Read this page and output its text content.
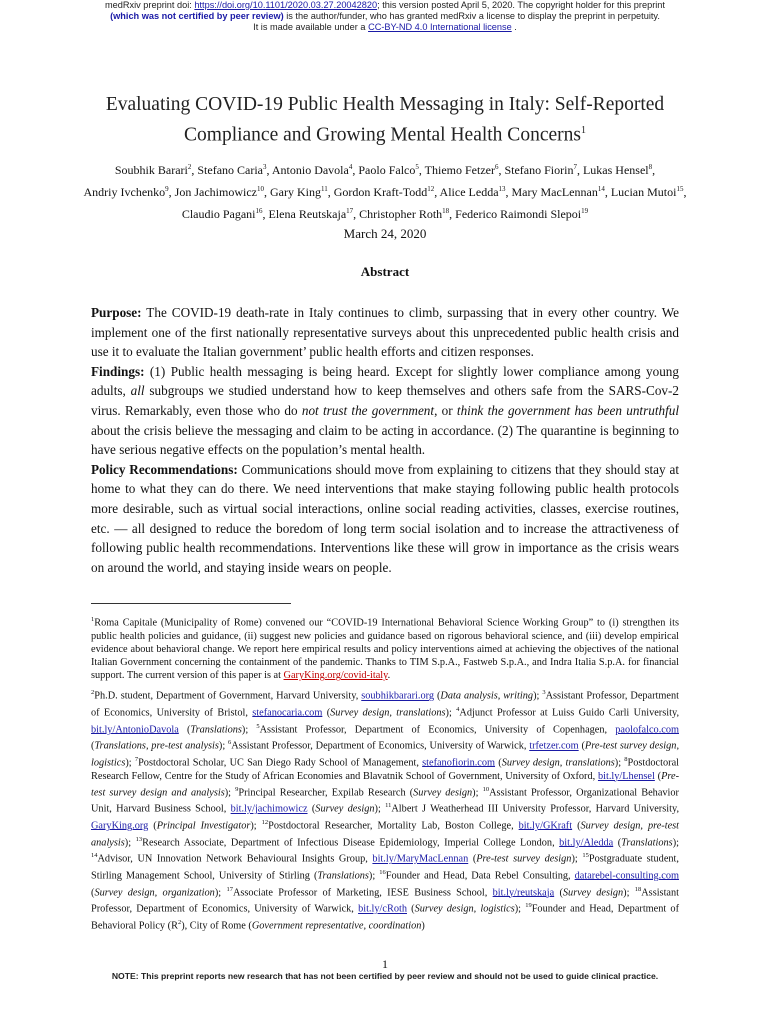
medRxiv preprint doi: https://doi.org/10.1101/2020.03.27.20042820; this version posted April 5, 2020. The copyright holder for this preprint
(which was not certified by peer review) is the author/funder, who has granted medRxiv a license to display the preprint in perpetuity.
It is made available under a CC-BY-ND 4.0 International license .
Evaluating COVID-19 Public Health Messaging in Italy: Self-Reported
Compliance and Growing Mental Health Concerns$^1$
Soubhik Barari$^2$, Stefano Caria$^3$, Antonio Davola$^4$, Paolo Falco$^5$, Thiemo Fetzer$^6$, Stefano Fiorin$^7$, Lukas Hensel$^8$,
Andriy Ivchenko$^9$, Jon Jachimowicz$^{10}$, Gary King$^{11}$, Gordon Kraft-Todd$^{12}$, Alice Ledda$^{13}$, Mary MacLennan$^{14}$, Lucian Mutoi$^{15}$,
Claudio Pagani$^{16}$, Elena Reutskaja$^{17}$, Christopher Roth$^{18}$, Federico Raimondi Slepoi$^{19}$
March 24, 2020
Abstract

Purpose: The COVID-19 death-rate in Italy continues to climb, surpassing that in every other country. We implement one of the first nationally representative surveys about this unprecedented public health crisis and use it to evaluate the Italian government’ public health efforts and citizen responses.

Findings: (1) Public health messaging is being heard. Except for slightly lower compliance among young adults, all subgroups we studied understand how to keep themselves and others safe from the SARS-Cov-2 virus. Remarkably, even those who do not trust the government, or think the government has been untruthful about the crisis believe the messaging and claim to be acting in accordance. (2) The quarantine is beginning to have serious negative effects on the population’s mental health.

Policy Recommendations: Communications should move from explaining to citizens that they should stay at home to what they can do there. We need interventions that make staying following public health protocols more desirable, such as virtual social interactions, online social reading activities, classes, exercise routines, etc. — all designed to reduce the boredom of long term social isolation and to increase the attractiveness of following public health recommendations. Interventions like these will grow in importance as the crisis wears on around the world, and staying inside wears on people.

$^1$Roma Capitale (Municipality of Rome) convened our “COVID-19 International Behavioral Science Working Group” to (i) strengthen its public health policies and guidance, (ii) suggest new policies and guidance based on rigorous behavioral science, and (iii) develop empirical evidence about behavioral change. We report here empirical results and policy interventions aimed at achieving the objectives of the national Italian Government concerning the containment of the pandemic. Thanks to TIM S.p.A., Fastweb S.p.A., and Indra Italia S.p.A. for financial support. The current version of this paper is at GaryKing.org/covid-italy.

$^2$Ph.D. student, Department of Government, Harvard University, soubhikbarari.org (Data analysis, writing); $^3$Assistant Professor, Department of Economics, University of Bristol, stefanocaria.com (Survey design, translations); $^4$Adjunct Professor at Luiss Guido Carli University, bit.ly/AntonioDavola (Translations); $^5$Assistant Professor, Department of Economics, University of Copenhagen, paolofalco.com (Translations, pre-test analysis); $^6$Assistant Professor, Department of Economics, University of Warwick, trfetzer.com (Pre-test survey design, logistics); $^7$Postdoctoral Scholar, UC San Diego Rady School of Management, stefanofiorin.com (Survey design, translations); $^8$Postdoctoral Research Fellow, Centre for the Study of African Economies and Blavatnik School of Government, University of Oxford, bit.ly/Lhensel (Pre-test survey design and analysis); $^9$Principal Researcher, Expilab Research (Survey design); $^{10}$Assistant Professor, Organizational Behavior Unit, Harvard Business School, bit.ly/jachimowicz (Survey design); $^{11}$Albert J Weatherhead III University Professor, Harvard University, GaryKing.org (Principal Investigator); $^{12}$Postdoctoral Researcher, Mortality Lab, Boston College, bit.ly/GKraft (Survey design, pre-test analysis); $^{13}$Research Associate, Department of Infectious Disease Epidemiology, Imperial College London, bit.ly/Aledda (Translations); $^{14}$Advisor, UN Innovation Network Behavioural Insights Group, bit.ly/MaryMacLennan (Pre-test survey design); $^{15}$Postgraduate student, Stirling Management School, University of Stirling (Translations); $^{16}$Founder and Head, Data Rebel Consulting, datarebel-consulting.com (Survey design, organization); $^{17}$Associate Professor of Marketing, IESE Business School, bit.ly/reutskaja (Survey design); $^{18}$Assistant Professor, Department of Economics, University of Warwick, bit.ly/cRoth (Survey design, logistics); $^{19}$Founder and Head, Department of Behavioral Policy $(R^2)$, City of Rome (Government representative, coordination)

1
NOTE: This preprint reports new research that has not been certified by peer review and should not be used to guide clinical practice.
